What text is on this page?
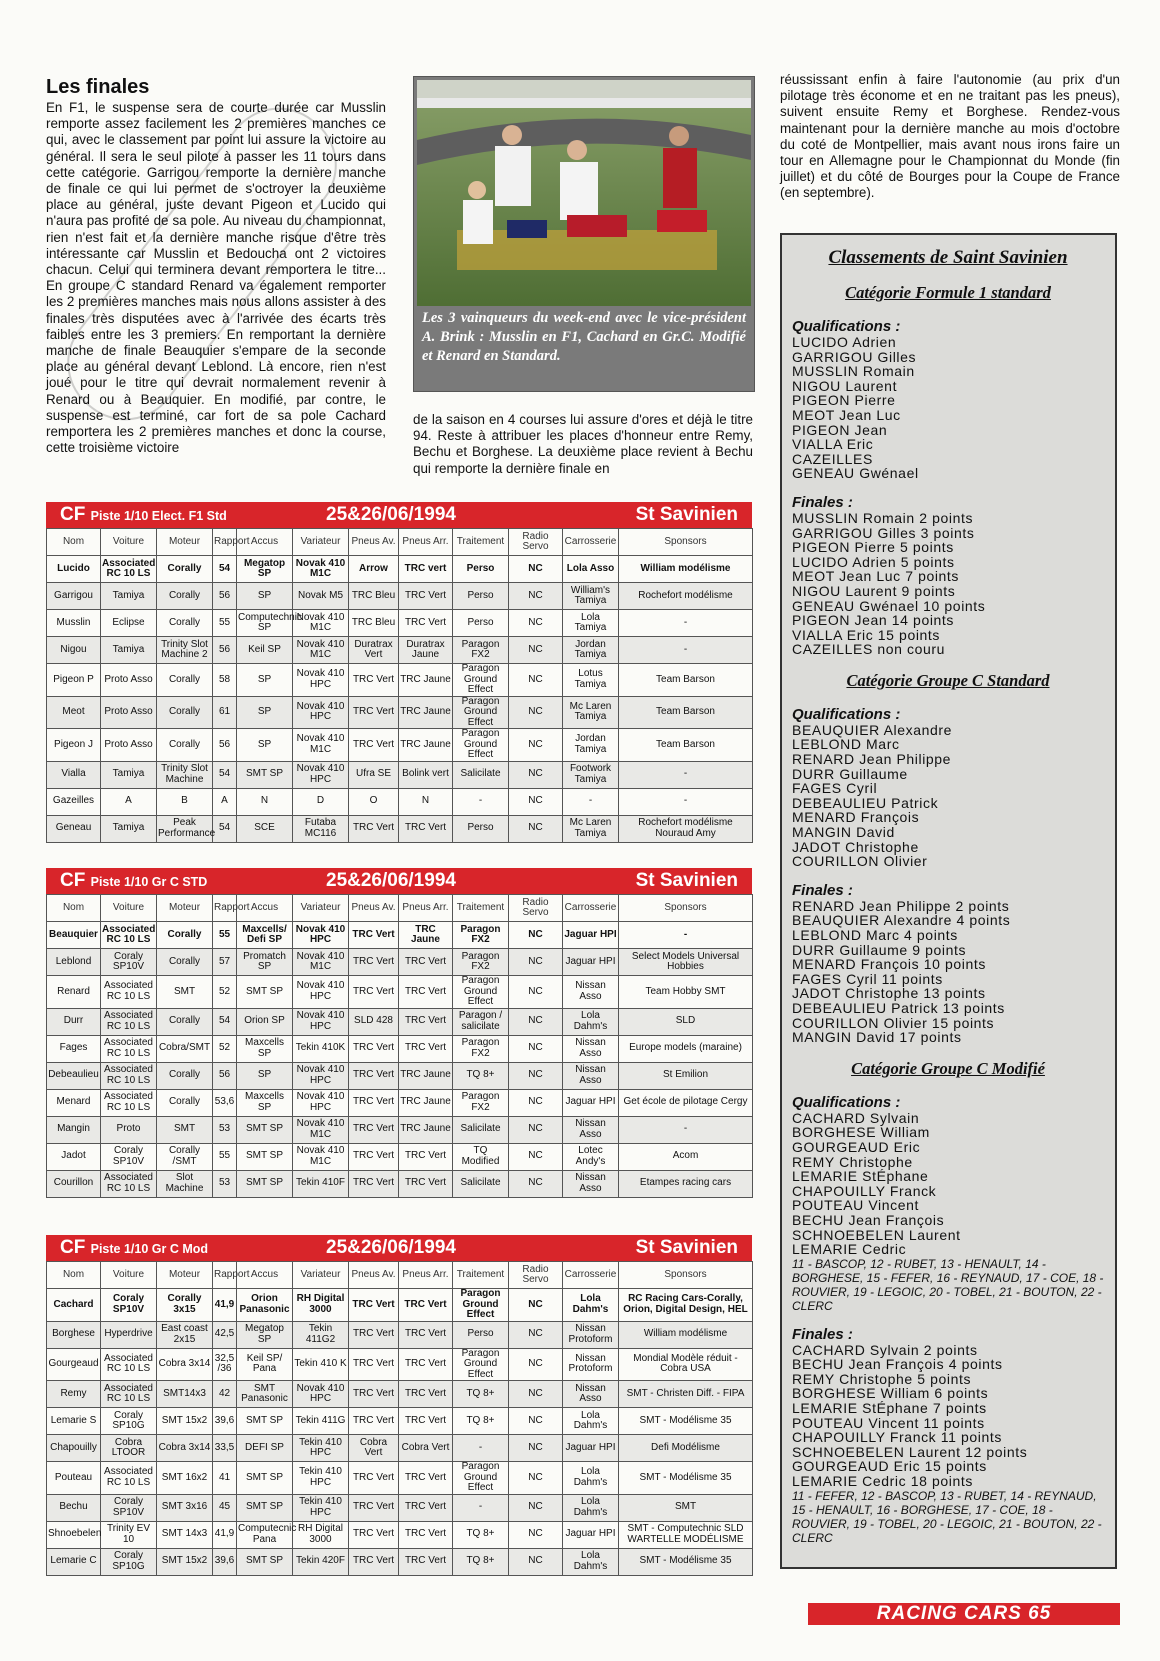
Les finales
En F1, le suspense sera de courte durée car Musslin remporte assez facilement les 2 premières manches ce qui, avec le classement par point lui assure la victoire au général. Il sera le seul pilote à passer les 11 tours dans cette catégorie. Garrigou remporte la dernière manche de finale ce qui lui permet de s'octroyer la deuxième place au général, juste devant Pigeon et Lucido qui n'aura pas profité de sa pole. Au niveau du championnat, rien n'est fait et la dernière manche risque d'être très intéressante car Musslin et Bedoucha ont 2 victoires chacun. Celui qui terminera devant remportera le titre... En groupe C standard Renard va également remporter les 2 premières manches mais nous allons assister à des finales très disputées avec à l'arrivée des écarts très faibles entre les 3 premiers. En remportant la dernière manche de finale Beauquier s'empare de la seconde place au général devant Leblond. Là encore, rien n'est joué pour le titre qui devrait normalement revenir à Renard ou à Beauquier. En modifié, par contre, le suspense est terminé, car fort de sa pole Cachard remportera les 2 premières manches et donc la course, cette troisième victoire
Les 3 vainqueurs du week-end avec le vice-président A. Brink : Musslin en F1, Cachard en Gr.C. Modifié et Renard en Standard.
de la saison en 4 courses lui assure d'ores et déjà le titre 94. Reste à attribuer les places d'honneur entre Remy, Bechu et Borghese. La deuxième place revient à Bechu qui remporte la dernière finale en
réussissant enfin à faire l'autonomie (au prix d'un pilotage très économe et en ne traitant pas les pneus), suivent ensuite Remy et Borghese. Rendez-vous maintenant pour la dernière manche au mois d'octobre du coté de Montpellier, mais avant nous irons faire un tour en Allemagne pour le Championnat du Monde (fin juillet) et du côté de Bourges pour la Coupe de France (en septembre).
Classements de Saint Savinien
Catégorie Formule 1 standard
Qualifications :
LUCIDO Adrien
GARRIGOU Gilles
MUSSLIN Romain
NIGOU Laurent
PIGEON Pierre
MEOT Jean Luc
PIGEON Jean
VIALLA Eric
CAZEILLES
GENEAU Gwénael
Finales :
MUSSLIN Romain 2 points
GARRIGOU Gilles 3 points
PIGEON Pierre 5 points
LUCIDO Adrien 5 points
MEOT Jean Luc 7 points
NIGOU Laurent 9 points
GENEAU Gwénael 10 points
PIGEON Jean 14 points
VIALLA Eric 15 points
CAZEILLES non couru
Catégorie Groupe C Standard
Qualifications :
BEAUQUIER Alexandre
LEBLOND Marc
RENARD Jean Philippe
DURR Guillaume
FAGES Cyril
DEBEAULIEU Patrick
MENARD François
MANGIN David
JADOT Christophe
COURILLON Olivier
Finales :
RENARD Jean Philippe 2 points
BEAUQUIER Alexandre 4 points
LEBLOND Marc 4 points
DURR Guillaume 9 points
MENARD François 10 points
FAGES Cyril 11 points
JADOT Christophe 13 points
DEBEAULIEU Patrick 13 points
COURILLON Olivier 15 points
MANGIN David 17 points
Catégorie Groupe C Modifié
Qualifications :
CACHARD Sylvain
BORGHESE William
GOURGEAUD Eric
REMY Christophe
LEMARIE StÉphane
CHAPOUILLY Franck
POUTEAU Vincent
BECHU Jean François
SCHNOEBELEN Laurent
LEMARIE Cedric
11 - BASCOP, 12 - RUBET, 13 - HENAULT, 14 - BORGHESE, 15 - FEFER, 16 - REYNAUD, 17 - COE, 18 - ROUVIER, 19 - LEGOIC, 20 - TOBEL, 21 - BOUTON, 22 - CLERC
Finales :
CACHARD Sylvain 2 points
BECHU Jean François 4 points
REMY Christophe 5 points
BORGHESE William 6 points
LEMARIE StÉphane 7 points
POUTEAU Vincent 11 points
CHAPOUILLY Franck 11 points
SCHNOEBELEN Laurent 12 points
GOURGEAUD Eric 15 points
LEMARIE Cedric 18 points
11 - FEFER, 12 - BASCOP, 13 - RUBET, 14 - REYNAUD, 15 - HENAULT, 16 - BORGHESE, 17 - COE, 18 - ROUVIER, 19 - TOBEL, 20 - LEGOIC, 21 - BOUTON, 22 - CLERC
CF Piste 1/10 Elect. F1 Std	25&26/06/1994	St Savinien
Nom	Voiture	Moteur	Rapport	Accus	Variateur	Pneus Av.	Pneus Arr.	Traitement	Radio Servo	Carrosserie	Sponsors
Lucido	Associated RC 10 LS	Corally	54	Megatop SP	Novak 410 M1C	Arrow	TRC vert	Perso	NC	Lola Asso	William modélisme
Garrigou	Tamiya	Corally	56	SP	Novak M5	TRC Bleu	TRC Vert	Perso	NC	William's Tamiya	Rochefort modélisme
Musslin	Eclipse	Corally	55	Computechnic SP	Novak 410 M1C	TRC Bleu	TRC Vert	Perso	NC	Lola Tamiya	-
Nigou	Tamiya	Trinity Slot Machine 2	56	Keil SP	Novak 410 M1C	Duratrax Vert	Duratrax Jaune	Paragon FX2	NC	Jordan Tamiya	-
Pigeon P	Proto Asso	Corally	58	SP	Novak 410 HPC	TRC Vert	TRC Jaune	Paragon Ground Effect	NC	Lotus Tamiya	Team Barson
Meot	Proto Asso	Corally	61	SP	Novak 410 HPC	TRC Vert	TRC Jaune	Paragon Ground Effect	NC	Mc Laren Tamiya	Team Barson
Pigeon J	Proto Asso	Corally	56	SP	Novak 410 M1C	TRC Vert	TRC Jaune	Paragon Ground Effect	NC	Jordan Tamiya	Team Barson
Vialla	Tamiya	Trinity Slot Machine	54	SMT SP	Novak 410 HPC	Ufra SE	Bolink vert	Salicilate	NC	Footwork Tamiya	-
Gazeilles	A	B	A	N	D	O	N	-	NC	-	-
Geneau	Tamiya	Peak Performance	54	SCE	Futaba MC116	TRC Vert	TRC Vert	Perso	NC	Mc Laren Tamiya	Rochefort modélisme Nouraud Amy
CF Piste 1/10 Gr C STD	25&26/06/1994	St Savinien
Nom	Voiture	Moteur	Rapport	Accus	Variateur	Pneus Av.	Pneus Arr.	Traitement	Radio Servo	Carrosserie	Sponsors
Beauquier	Associated RC 10 LS	Corally	55	Maxcells/ Defi SP	Novak 410 HPC	TRC Vert	TRC Jaune	Paragon FX2	NC	Jaguar HPI	-
Leblond	Coraly SP10V	Corally	57	Promatch SP	Novak 410 M1C	TRC Vert	TRC Vert	Paragon FX2	NC	Jaguar HPI	Select Models Universal Hobbies
Renard	Associated RC 10 LS	SMT	52	SMT SP	Novak 410 HPC	TRC Vert	TRC Vert	Paragon Ground Effect	NC	Nissan Asso	Team Hobby SMT
Durr	Associated RC 10 LS	Corally	54	Orion SP	Novak 410 HPC	SLD 428	TRC Vert	Paragon / salicilate	NC	Lola Dahm's	SLD
Fages	Associated RC 10 LS	Cobra/SMT	52	Maxcells SP	Tekin 410K	TRC Vert	TRC Vert	Paragon FX2	NC	Nissan Asso	Europe models (maraine)
Debeaulieu	Associated RC 10 LS	Corally	56	SP	Novak 410 HPC	TRC Vert	TRC Jaune	TQ 8+	NC	Nissan Asso	St Emilion
Menard	Associated RC 10 LS	Corally	53,6	Maxcells SP	Novak 410 HPC	TRC Vert	TRC Jaune	Paragon FX2	NC	Jaguar HPI	Get école de pilotage Cergy
Mangin	Proto	SMT	53	SMT SP	Novak 410 M1C	TRC Vert	TRC Jaune	Salicilate	NC	Nissan Asso	-
Jadot	Coraly SP10V	Corally /SMT	55	SMT SP	Novak 410 M1C	TRC Vert	TRC Vert	TQ Modified	NC	Lotec Andy's	Acom
Courillon	Associated RC 10 LS	Slot Machine	53	SMT SP	Tekin 410F	TRC Vert	TRC Vert	Salicilate	NC	Nissan Asso	Etampes racing cars
CF Piste 1/10 Gr C Mod	25&26/06/1994	St Savinien
Nom	Voiture	Moteur	Rapport	Accus	Variateur	Pneus Av.	Pneus Arr.	Traitement	Radio Servo	Carrosserie	Sponsors
Cachard	Coraly SP10V	Corally 3x15	41,9	Orion Panasonic	RH Digital 3000	TRC Vert	TRC Vert	Paragon Ground Effect	NC	Lola Dahm's	RC Racing Cars-Corally, Orion, Digital Design, HEL
Borghese	Hyperdrive	East coast 2x15	42,5	Megatop SP	Tekin 411G2	TRC Vert	TRC Vert	Perso	NC	Nissan Protoform	William modélisme
Gourgeaud	Associated RC 10 LS	Cobra 3x14	32,5 /36	Keil SP/ Pana	Tekin 410 K	TRC Vert	TRC Vert	Paragon Ground Effect	NC	Nissan Protoform	Mondial Modèle réduit - Cobra USA
Remy	Associated RC 10 LS	SMT14x3	42	SMT Panasonic	Novak 410 HPC	TRC Vert	TRC Vert	TQ 8+	NC	Nissan Asso	SMT - Christen Diff. - FIPA
Lemarie S	Coraly SP10G	SMT 15x2	39,6	SMT SP	Tekin 411G	TRC Vert	TRC Vert	TQ 8+	NC	Lola Dahm's	SMT - Modélisme 35
Chapouilly	Cobra LTOOR	Cobra 3x14	33,5	DEFI SP	Tekin 410 HPC	Cobra Vert	Cobra Vert	-	NC	Jaguar HPI	Defi Modélisme
Pouteau	Associated RC 10 LS	SMT 16x2	41	SMT SP	Tekin 410 HPC	TRC Vert	TRC Vert	Paragon Ground Effect	NC	Lola Dahm's	SMT - Modélisme 35
Bechu	Coraly SP10V	SMT 3x16	45	SMT SP	Tekin 410 HPC	TRC Vert	TRC Vert	-	NC	Lola Dahm's	SMT
Shnoebelen	Trinity EV 10	SMT 14x3	41,9	Computecnic Pana	RH Digital 3000	TRC Vert	TRC Vert	TQ 8+	NC	Jaguar HPI	SMT - Computechnic SLD WARTELLE MODÉLISME
Lemarie C	Coraly SP10G	SMT 15x2	39,6	SMT SP	Tekin 420F	TRC Vert	TRC Vert	TQ 8+	NC	Lola Dahm's	SMT - Modélisme 35
RACING CARS 65
